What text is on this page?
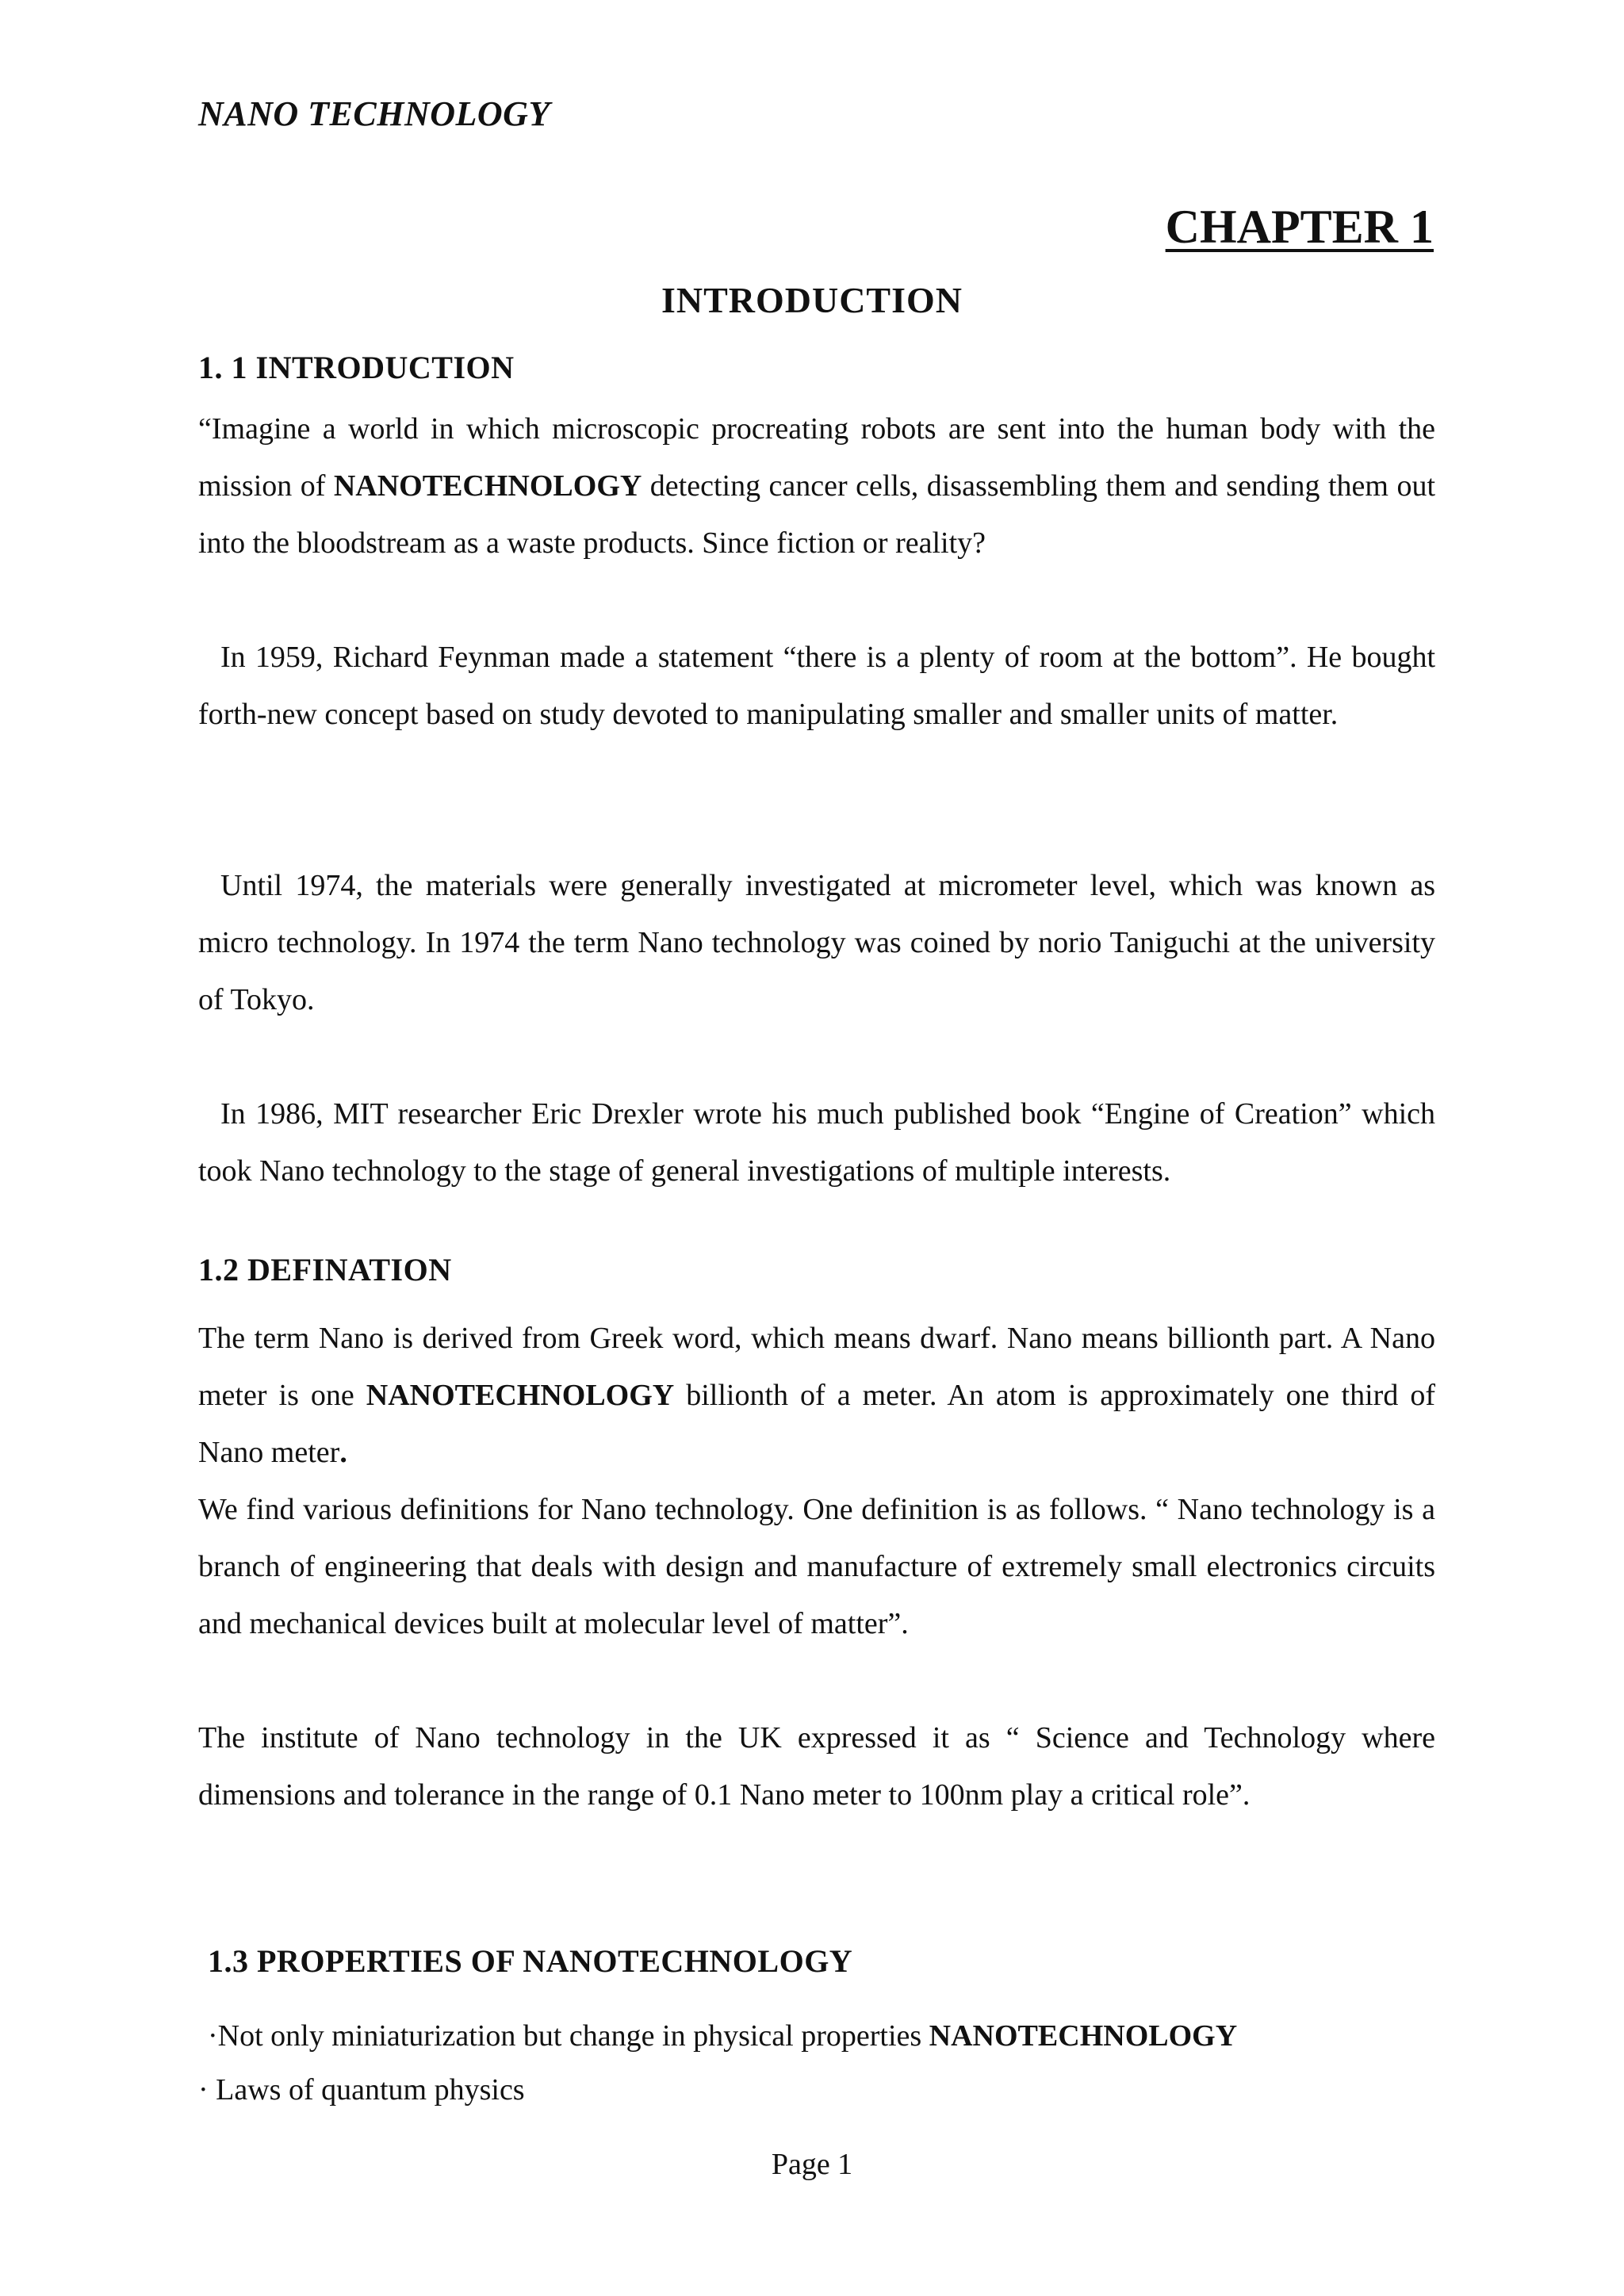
NANO TECHNOLOGY
CHAPTER 1
INTRODUCTION
1. 1 INTRODUCTION
“Imagine a world in which microscopic procreating robots are sent into the human body with the mission of NANOTECHNOLOGY detecting cancer cells, disassembling them and sending them out into the bloodstream as a waste products. Since fiction or reality?
In 1959, Richard Feynman made a statement “there is a plenty of room at the bottom”. He bought forth-new concept based on study devoted to manipulating smaller and smaller units of matter.
Until 1974, the materials were generally investigated at micrometer level, which was known as micro technology. In 1974 the term Nano technology was coined by norio Taniguchi at the university of Tokyo.
In 1986, MIT researcher Eric Drexler wrote his much published book “Engine of Creation” which took Nano technology to the stage of general investigations of multiple interests.
1.2 DEFINATION
The term Nano is derived from Greek word, which means dwarf. Nano means billionth part. A Nano meter is one NANOTECHNOLOGY billionth of a meter. An atom is approximately one third of Nano meter.
We find various definitions for Nano technology. One definition is as follows. “ Nano technology is a branch of engineering that deals with design and manufacture of extremely small electronics circuits and mechanical devices built at molecular level of matter”.
The institute of Nano technology in the UK expressed it as “ Science and Technology where dimensions and tolerance in the range of 0.1 Nano meter to 100nm play a critical role”.
1.3 PROPERTIES OF NANOTECHNOLOGY
·Not only miniaturization but change in physical properties NANOTECHNOLOGY
· Laws of quantum physics
Page 1
